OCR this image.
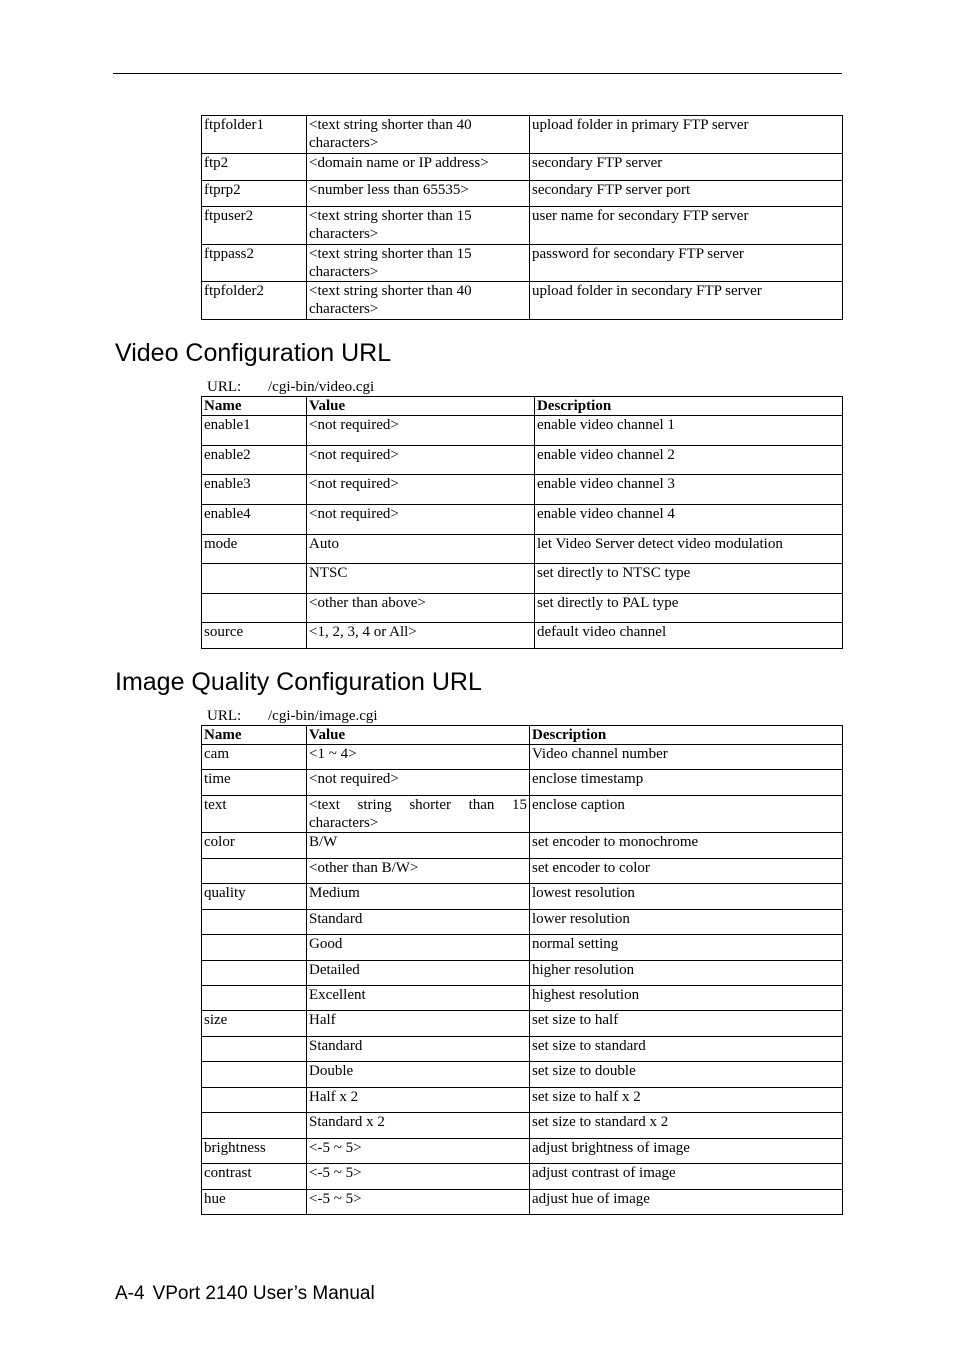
ftpfolder1	<text string shorter than 40 characters>	upload folder in primary FTP server
ftp2	<domain name or IP address>	secondary FTP server
ftprp2	<number less than 65535>	secondary FTP server port
ftpuser2	<text string shorter than 15 characters>	user name for secondary FTP server
ftppass2	<text string shorter than 15 characters>	password for secondary FTP server
ftpfolder2	<text string shorter than 40 characters>	upload folder in secondary FTP server
Video Configuration URL
URL: /cgi-bin/video.cgi
Name	Value	Description
enable1	<not required>	enable video channel 1
enable2	<not required>	enable video channel 2
enable3	<not required>	enable video channel 3
enable4	<not required>	enable video channel 4
mode	Auto	let Video Server detect video modulation
	NTSC	set directly to NTSC type
	<other than above>	set directly to PAL type
source	<1, 2, 3, 4 or All>	default video channel
Image Quality Configuration URL
URL: /cgi-bin/image.cgi
Name	Value	Description
cam	<1 ~ 4>	Video channel number
time	<not required>	enclose timestamp
text	<text string shorter than 15 characters>	enclose caption
color	B/W	set encoder to monochrome
	<other than B/W>	set encoder to color
quality	Medium	lowest resolution
	Standard	lower resolution
	Good	normal setting
	Detailed	higher resolution
	Excellent	highest resolution
size	Half	set size to half
	Standard	set size to standard
	Double	set size to double
	Half x 2	set size to half x 2
	Standard x 2	set size to standard x 2
brightness	<-5 ~ 5>	adjust brightness of image
contrast	<-5 ~ 5>	adjust contrast of image
hue	<-5 ~ 5>	adjust hue of image
A-4 VPort 2140 User’s Manual
